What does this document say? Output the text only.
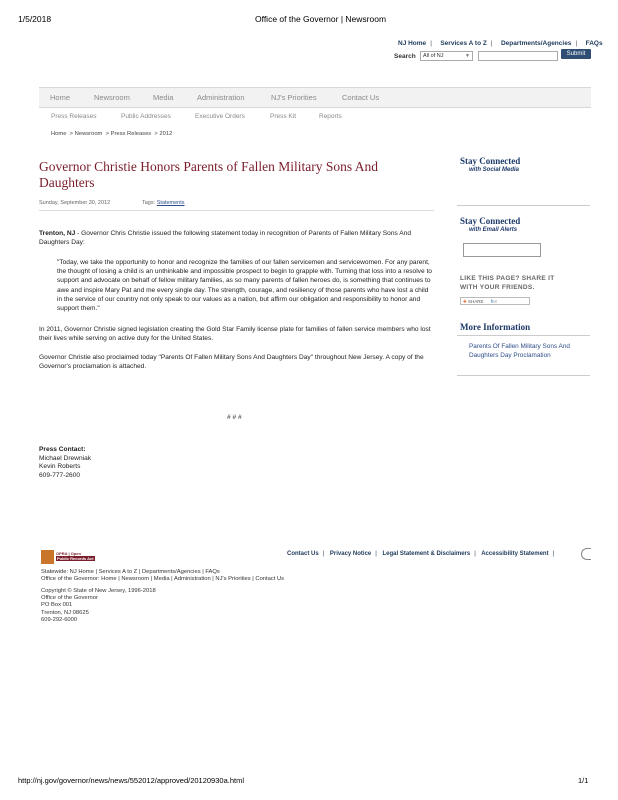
1/5/2018	Office of the Governor | Newsroom
NJ Home | Services A to Z | Departments/Agencies | FAQs
Search	All of NJ	▼	Submit
Home	Newsroom	Media	Administration	NJ's Priorities	Contact Us
Press Releases	Public Addresses	Executive Orders	Press Kit	Reports
Home  > Newsroom  > Press Releases  > 2012
Governor Christie Honors Parents of Fallen Military Sons And Daughters
Sunday, September 30, 2012	Tags: Statements
Trenton, NJ - Governor Chris Christie issued the following statement today in recognition of Parents of Fallen Military Sons And Daughters Day:
"Today, we take the opportunity to honor and recognize the families of our fallen servicemen and servicewomen. For any parent, the thought of losing a child is an unthinkable and impossible prospect to begin to grapple with. Turning that loss into a resolve to support and advocate on behalf of fellow military families, as so many parents of fallen heroes do, is something that continues to awe and inspire Mary Pat and me every single day. The strength, courage, and resiliency of those parents who have lost a child in the service of our country not only speak to our values as a nation, but affirm our obligation and responsibility to honor and support them."
In 2011, Governor Christie signed legislation creating the Gold Star Family license plate for families of fallen service members who lost their lives while serving on active duty for the United States.
Governor Christie also proclaimed today "Parents Of Fallen Military Sons And Daughters Day" throughout New Jersey. A copy of the Governor's proclamation is attached.
# # #
Press Contact:
Michael Drewniak
Kevin Roberts
609-777-2600
Stay Connected
with Social Media
Stay Connected
with Email Alerts
LIKE THIS PAGE? SHARE IT
WITH YOUR FRIENDS.
✚ SHARE ft✉
More Information
Parents Of Fallen Military Sons And Daughters Day Proclamation
OPRA | Open
Public Records Act
Contact Us | Privacy Notice | Legal Statement & Disclaimers | Accessibility Statement |
Statewide: NJ Home | Services A to Z | Departments/Agencies | FAQs
Office of the Governor: Home | Newsroom | Media | Administration | NJ's Priorities | Contact Us
Copyright © State of New Jersey, 1996-2018
Office of the Governor
PO Box 001
Trenton, NJ 08625
609-292-6000
http://nj.gov/governor/news/news/552012/approved/20120930a.html	1/1
